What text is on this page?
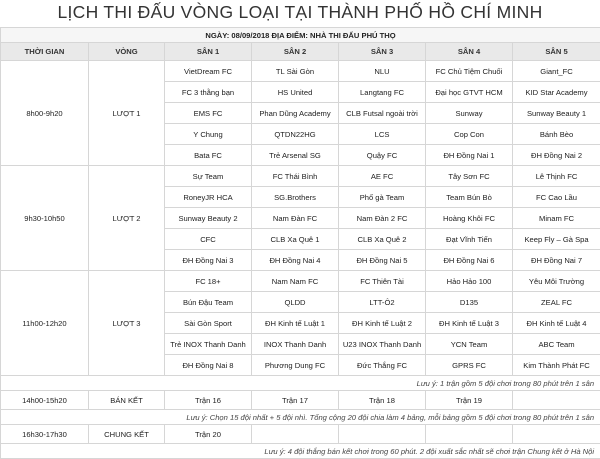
LỊCH THI ĐẤU VÒNG LOẠI TẠI THÀNH PHỐ HỒ CHÍ MINH
NGÀY: 08/09/2018 ĐỊA ĐIỂM: NHÀ THI ĐẤU PHÚ THỌ						
THỜI GIAN	VÒNG	SÂN 1	SÂN 2	SÂN 3	SÂN 4	SÂN 5
8h00-9h20	LƯỢT 1	VietDream FC	TL Sài Gòn	NLU	FC Chủ Tiệm Chuối	Giant_FC
		FC 3 thằng bạn	HS United	Langtang FC	Đại học GTVT HCM	KID Star Academy
		EMS FC	Phan Dũng Academy	CLB Futsal ngoài trời	Sunway	Sunway Beauty 1
		Y Chung	QTDN22HG	LCS	Cop Con	Bánh Bèo
		Bata FC	Trẻ Arsenal SG	Quậy FC	ĐH Đồng Nai 1	ĐH Đồng Nai 2
9h30-10h50	LƯỢT 2	Sự Team	FC Thái Bình	AE FC	Tây Sơn FC	Lê Thịnh FC
		RoneyJR HCA	SG.Brothers	Phố gà Team	Team Bún Bò	FC Cao Lầu
		Sunway Beauty 2	Nam Đàn FC	Nam Đàn 2 FC	Hoàng Khôi FC	Minam FC
		CFC	CLB Xa Quê 1	CLB Xa Quê 2	Đạt Vĩnh Tiến	Keep Fly – Gà Spa
		ĐH Đồng Nai 3	ĐH Đồng Nai 4	ĐH Đồng Nai 5	ĐH Đồng Nai 6	ĐH Đồng Nai 7
11h00-12h20	LƯỢT 3	FC 18+	Nam Nam FC	FC Thiên Tài	Hảo Hảo 100	Yêu Môi Trường
		Bún Đậu Team	QLDD	LTT-Ô2	D135	ZEAL FC
		Sài Gòn Sport	ĐH Kinh tế Luật 1	ĐH Kinh tế Luật 2	ĐH Kinh tế Luật 3	ĐH Kinh tế Luật 4
		Trẻ INOX Thanh Danh	INOX Thanh Danh	U23 INOX Thanh Danh	YCN Team	ABC Team
		ĐH Đồng Nai 8	Phương Dung FC	Đức Thắng FC	GPRS FC	Kim Thành Phát FC
Lưu ý: 1 trận gồm 5 đội chơi trong 80 phút trên 1 sân						
14h00-15h20	BÁN KẾT	Trận 16	Trận 17	Trận 18	Trận 19	
Lưu ý: Chọn 15 đội nhất + 5 đội nhì. Tổng cộng 20 đội chia làm 4 bảng, mỗi bảng gồm 5 đội chơi trong 80 phút trên 1 sân						
16h30-17h30	CHUNG KẾT	Trận 20				
Lưu ý: 4 đội thắng bán kết chơi trong 60 phút. 2 đội xuất sắc nhất sẽ chơi trận Chung kết ở Hà Nội						
